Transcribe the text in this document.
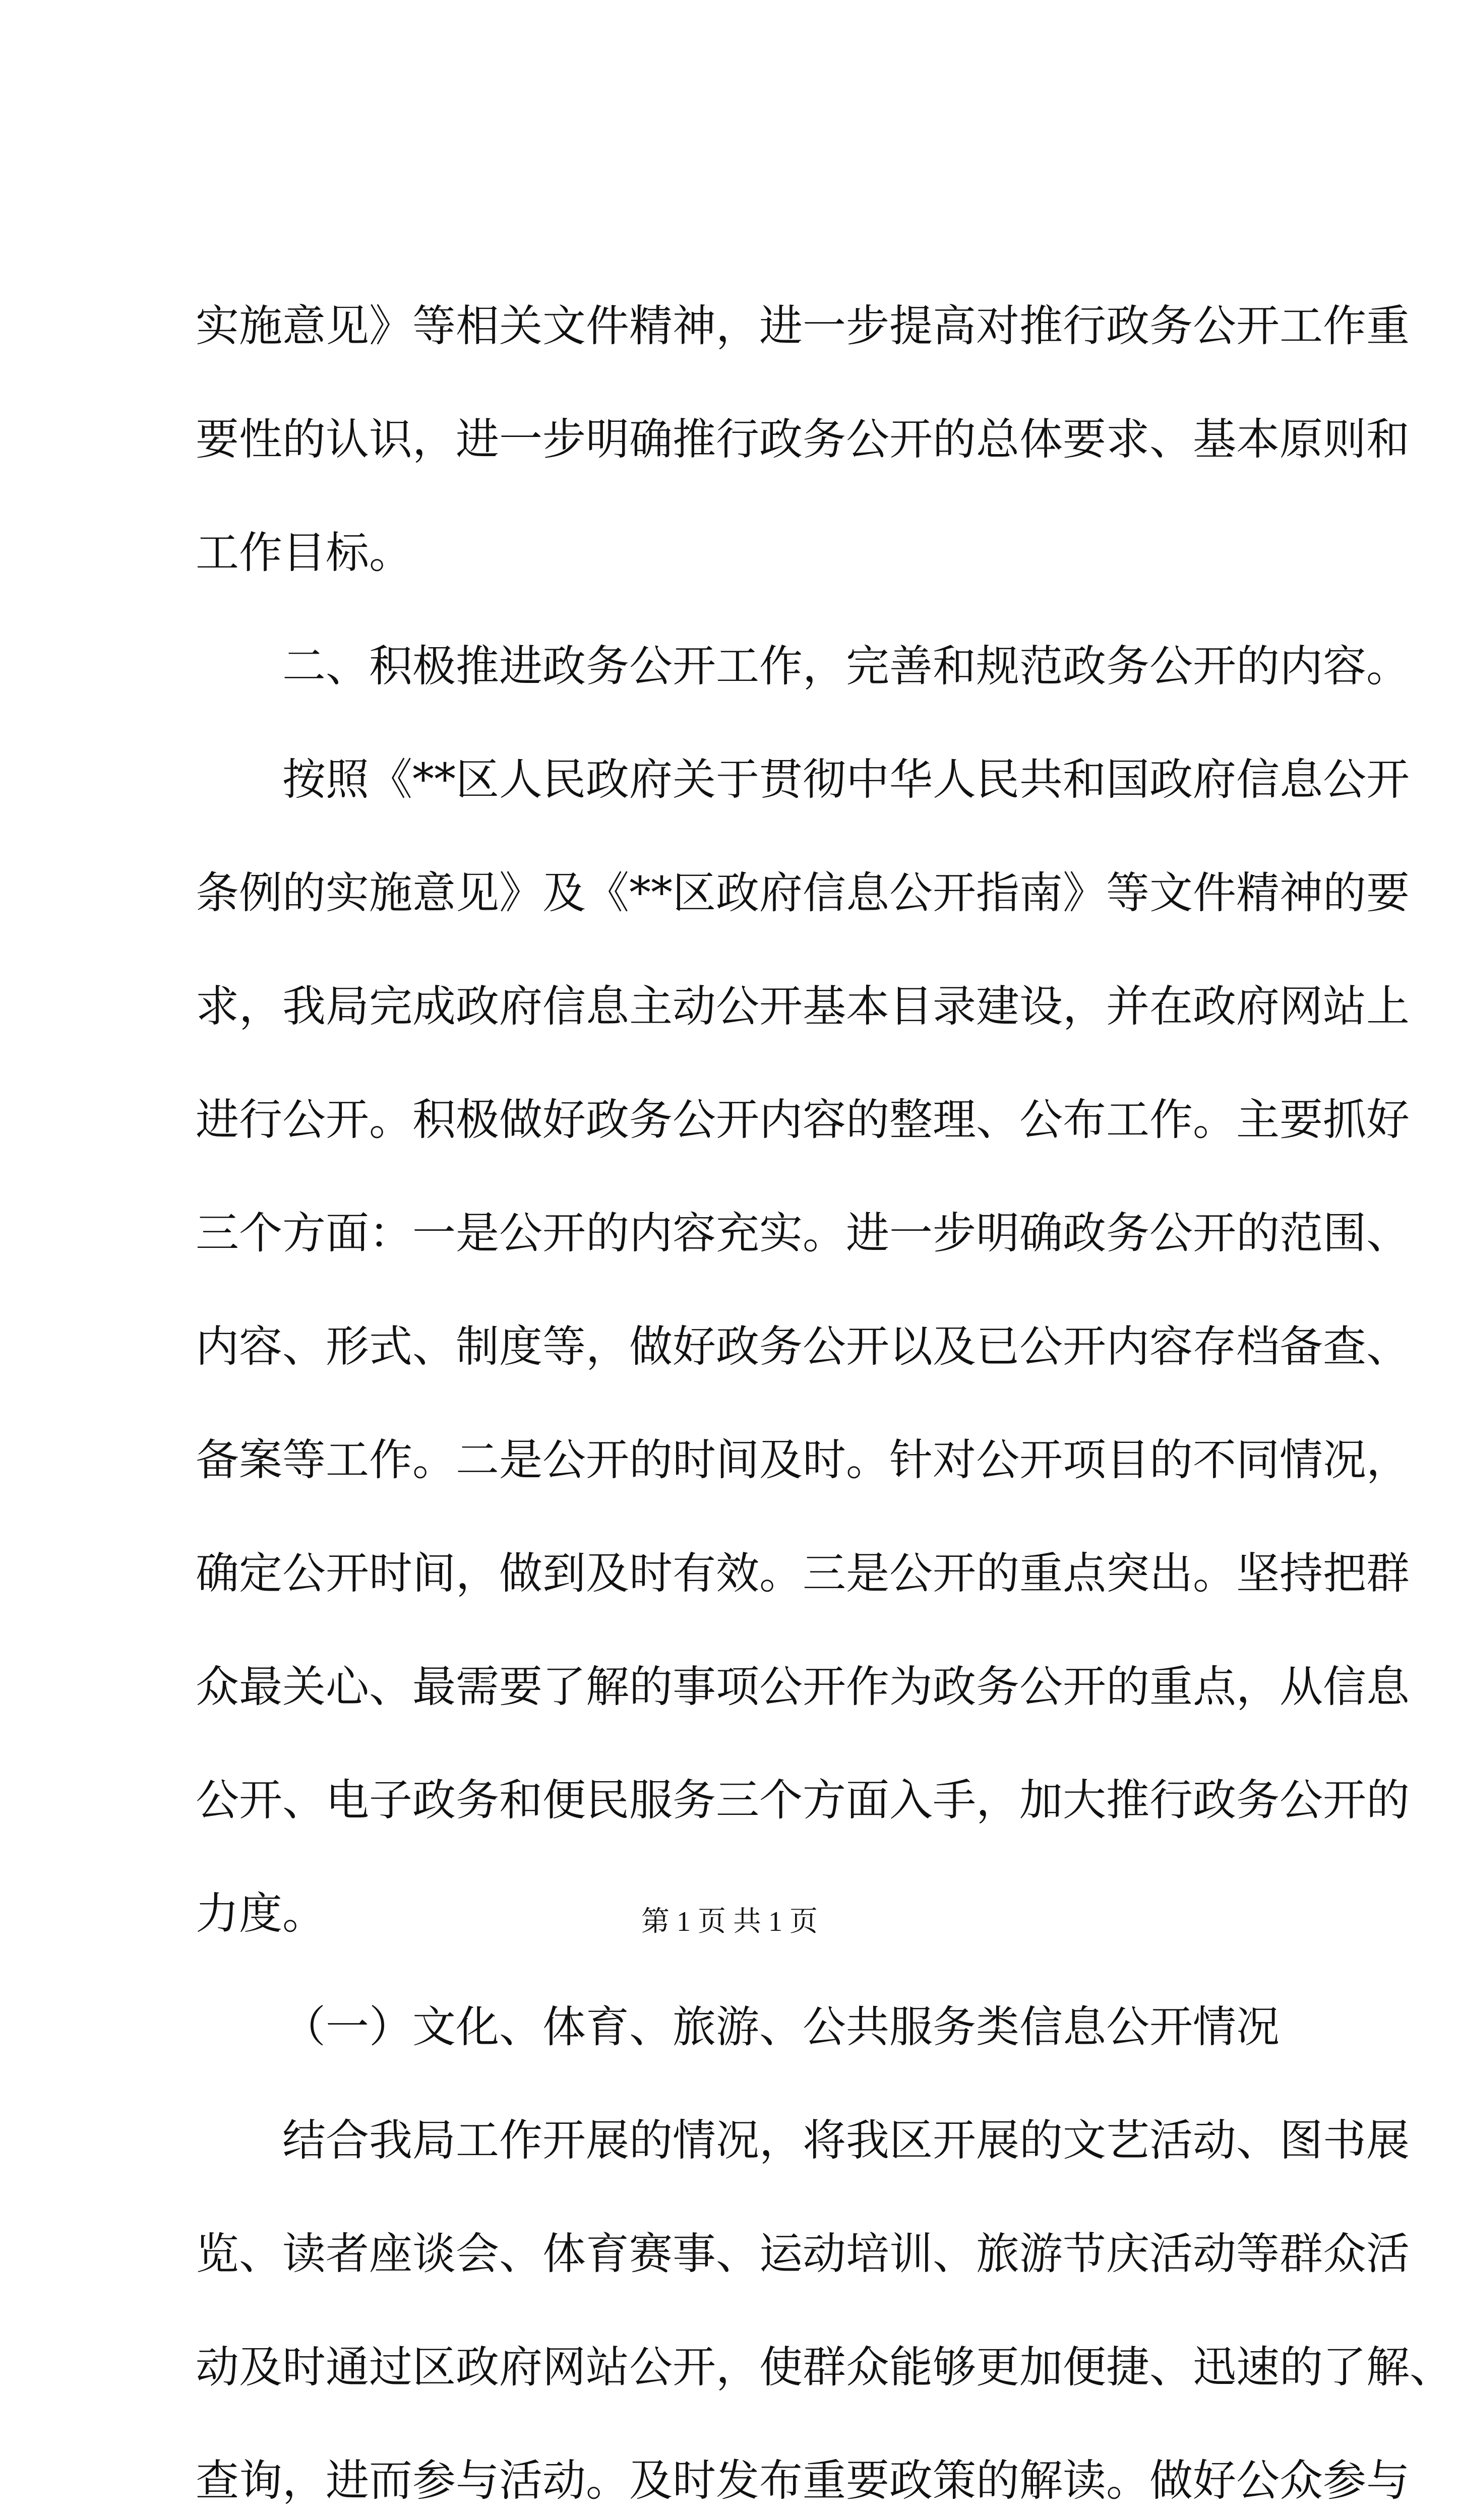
实施意见》等相关文件精神，进一步提高对推行政务公开工作重
要性的认识，进一步明确推行政务公开的总体要求、基本原则和
工作目标。
二、积极推进政务公开工作，完善和规范政务公开的内容。
按照《**区人民政府关于贯彻中华人民共和国政府信息公开
条例的实施意见》及《**区政府信息公开指南》等文件精神的要
求，我局完成政府信息主动公开基本目录建设，并在政府网站上
进行公开。积极做好政务公开内容的整理、公布工作。主要抓好
三个方面：一是公开的内容充实。进一步明确政务公开的范围、
内容、形式、制度等，做好政务公开以及已公开内容存档备查、
备案等工作。二是公开的时间及时。针对公开项目的不同情况，
确定公开时间，做到及时有效。三是公开的重点突出。坚持把群
众最关心、最需要了解的事项公开作为政务公开的重点，从信息
公开、电子政务和便民服务三个方面入手，加大推行政务公开的
力度。
（一）文化、体育、旅游、公共服务类信息公开情况
结合我局工作开展的情况，将我区开展的文艺活动、图书展
览、读者座谈会、体育赛事、运动培训、旅游节庆活动等群众活
动及时通过区政府网站公开，使群众能够更加便捷、迅速的了解、
查询，进而参与活动。及时发布重要政策的解读。做好公众参与
第 1 页 共 1 页
